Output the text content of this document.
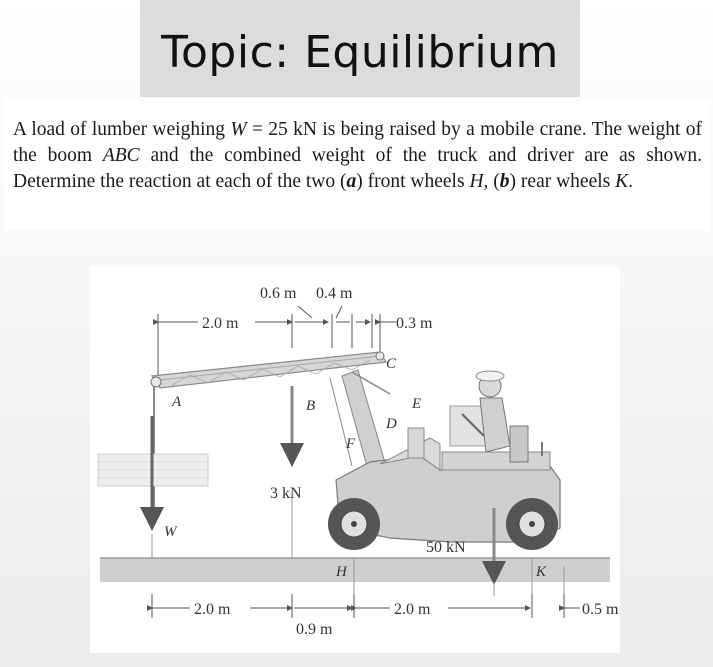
Topic: Equilibrium

A load of lumber weighing W = 25 kN is being raised by a mobile crane. The weight of the boom ABC and the combined weight of the truck and driver are as shown. Determine the reaction at each of the two (a) front wheels H, (b) rear wheels K.

2.0 m
0.6 m 0.4 m
0.3 m
A	B
C
D
E
F
H	K
W
3 kN
50 kN
2.0 m
0.9 m
2.0 m	0.5 m
